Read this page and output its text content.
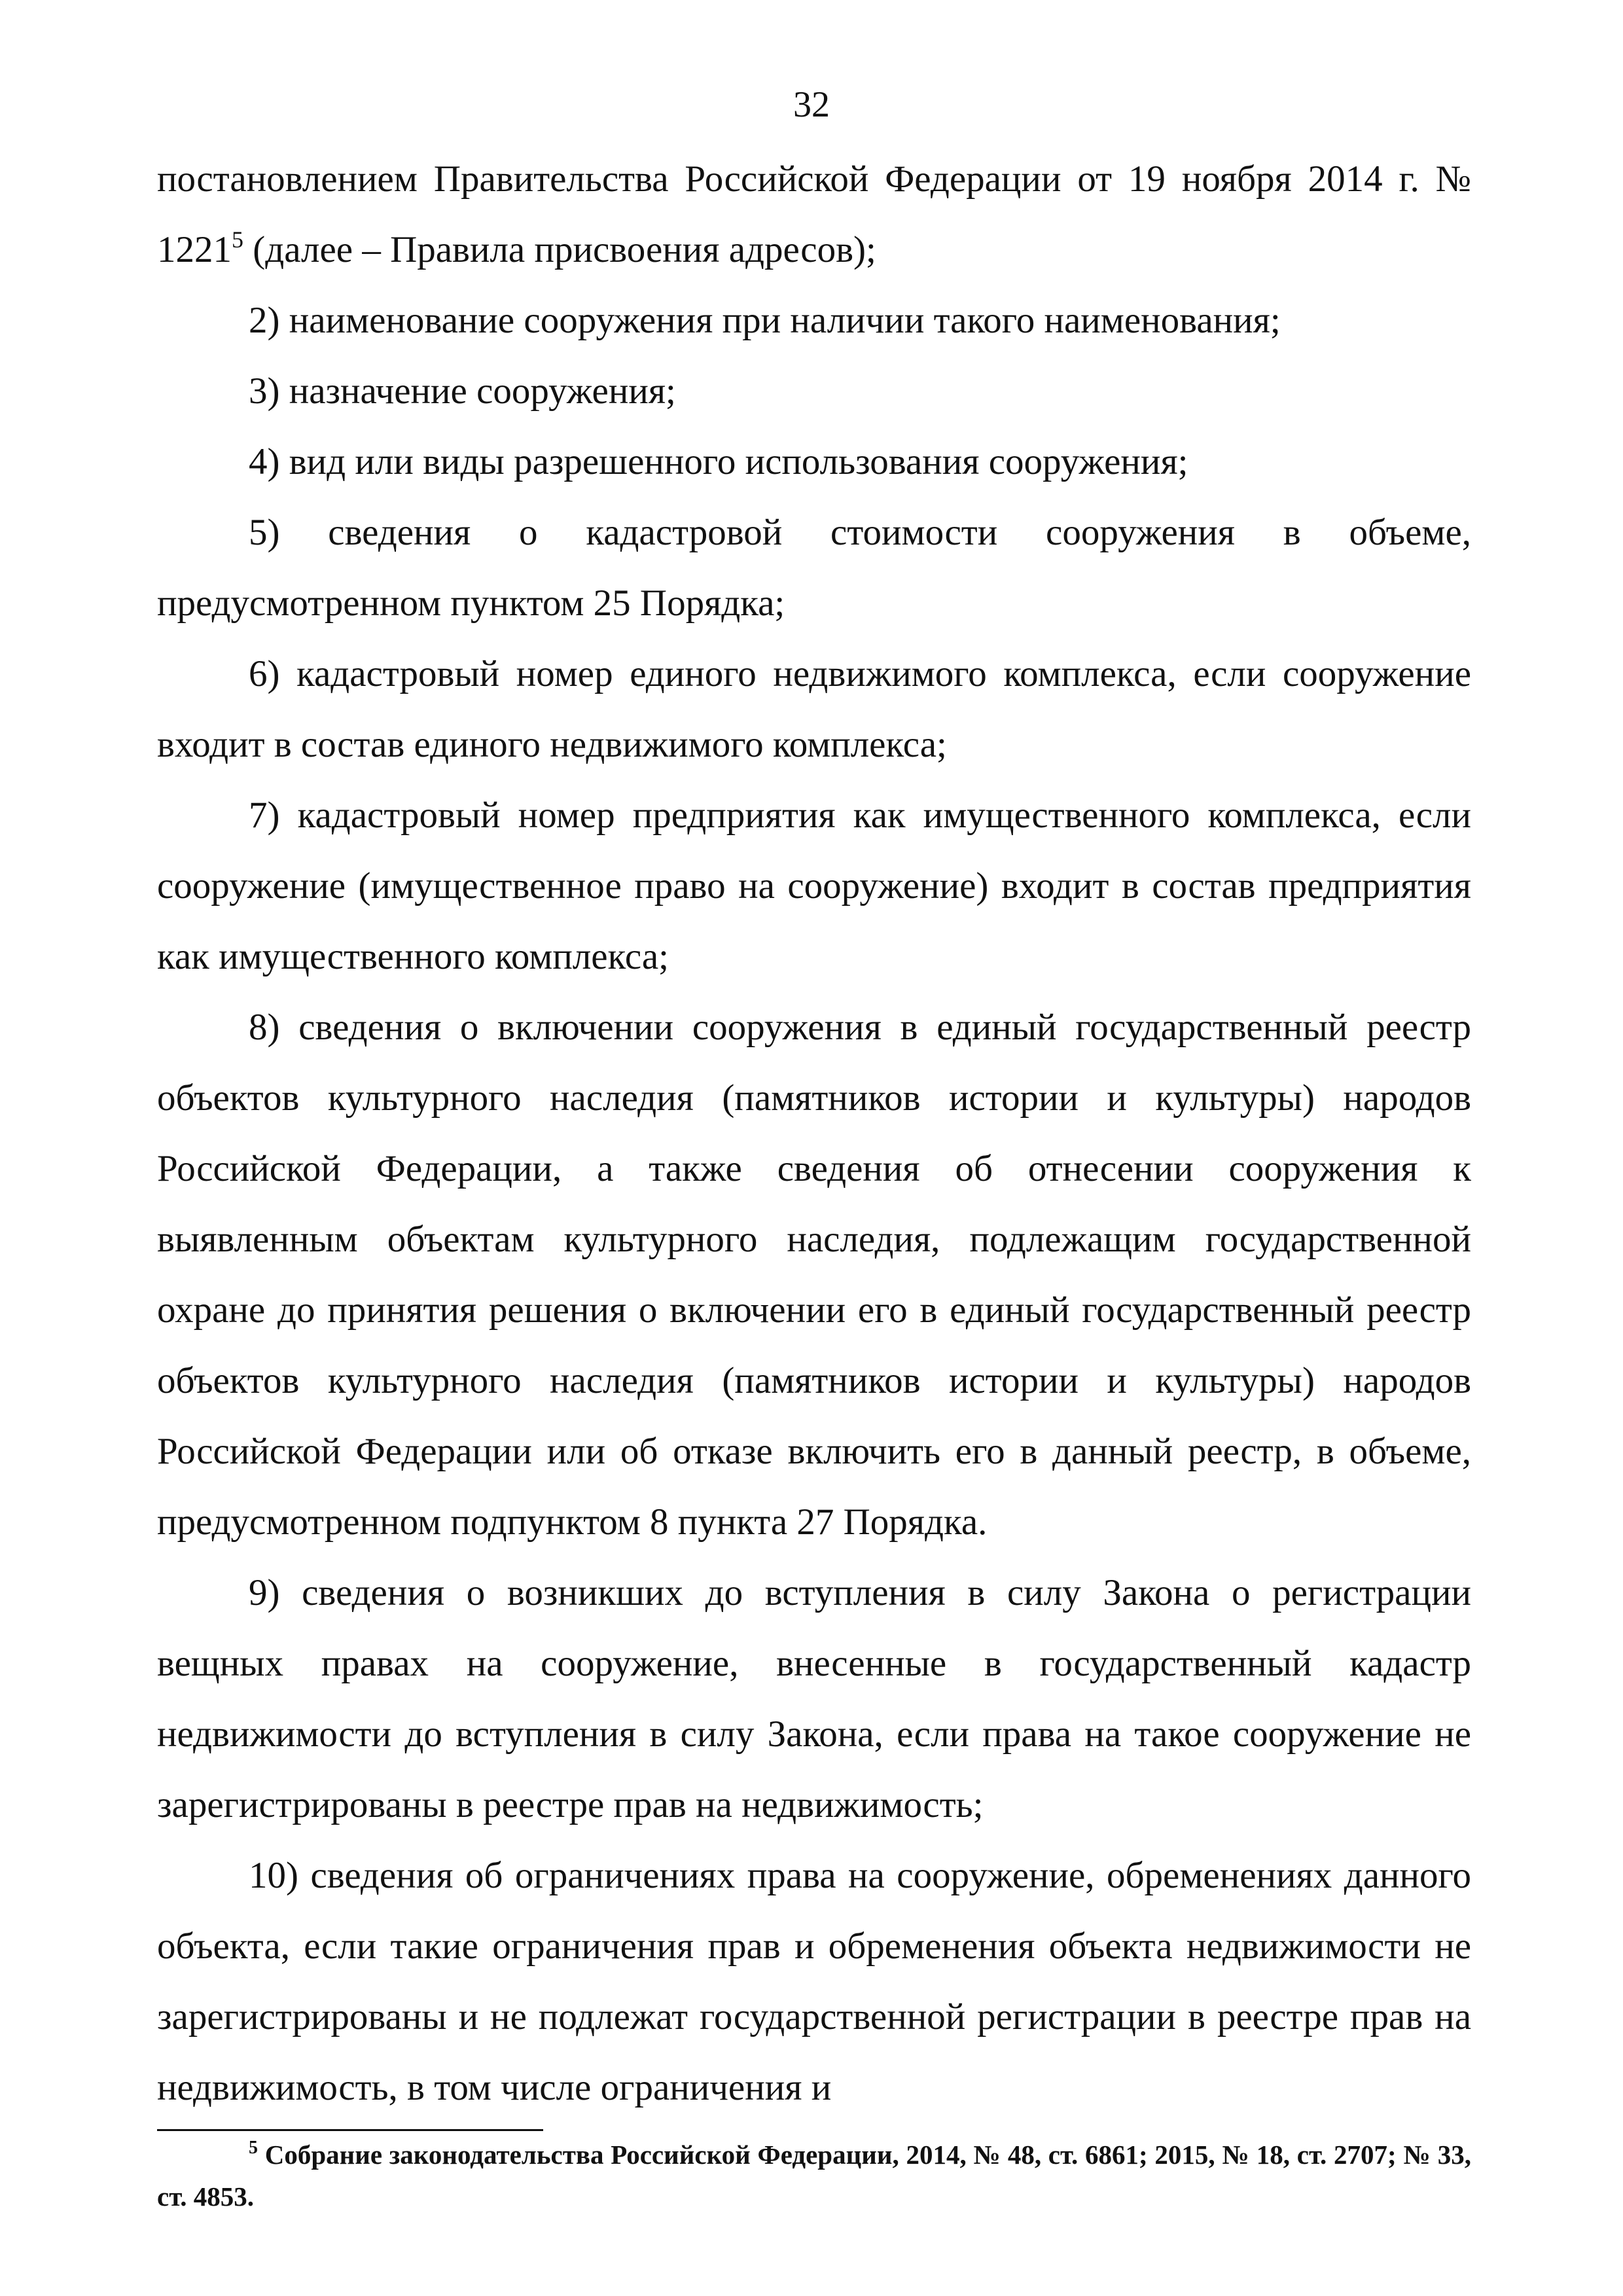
32

постановлением Правительства Российской Федерации от 19 ноября 2014 г. № 1221$^5$ (далее – Правила присвоения адресов);

2) наименование сооружения при наличии такого наименования;

3) назначение сооружения;

4) вид или виды разрешенного использования сооружения;

5) сведения о кадастровой стоимости сооружения в объеме, предусмотренном пунктом 25 Порядка;

6) кадастровый номер единого недвижимого комплекса, если сооружение входит в состав единого недвижимого комплекса;

7) кадастровый номер предприятия как имущественного комплекса, если сооружение (имущественное право на сооружение) входит в состав предприятия как имущественного комплекса;

8) сведения о включении сооружения в единый государственный реестр объектов культурного наследия (памятников истории и культуры) народов Российской Федерации, а также сведения об отнесении сооружения к выявленным объектам культурного наследия, подлежащим государственной охране до принятия решения о включении его в единый государственный реестр объектов культурного наследия (памятников истории и культуры) народов Российской Федерации или об отказе включить его в данный реестр, в объеме, предусмотренном подпунктом 8 пункта 27 Порядка.

9) сведения о возникших до вступления в силу Закона о регистрации вещных правах на сооружение, внесенные в государственный кадастр недвижимости до вступления в силу Закона, если права на такое сооружение не зарегистрированы в реестре прав на недвижимость;

10) сведения об ограничениях права на сооружение, обременениях данного объекта, если такие ограничения прав и обременения объекта недвижимости не зарегистрированы и не подлежат государственной регистрации в реестре прав на недвижимость, в том числе ограничения и

$^5$ Собрание законодательства Российской Федерации, 2014, № 48, ст. 6861; 2015, № 18, ст. 2707; № 33, ст. 4853.
